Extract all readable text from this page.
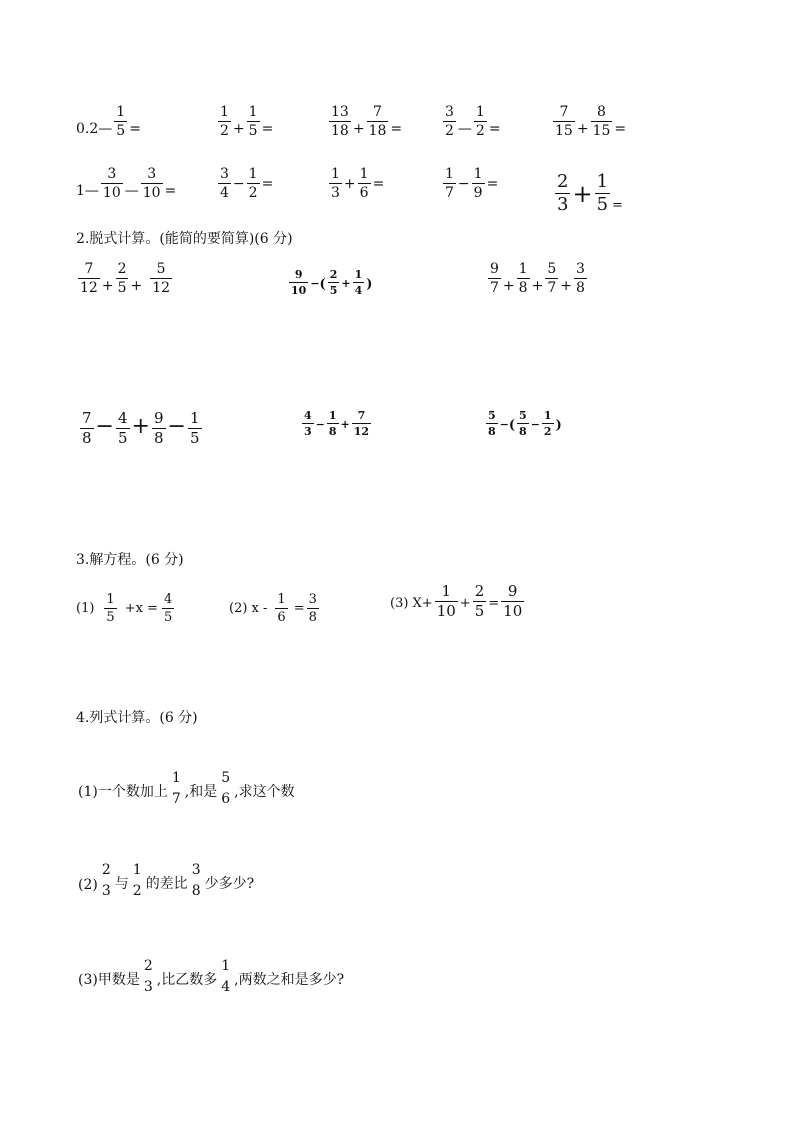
0.2— $\frac{1}{5}$ =	$\frac{1}{2} + \frac{1}{5}$ =	$\frac{13}{18} + \frac{7}{18}$ =	$\frac{3}{2}$ — $\frac{1}{2}$ =	$\frac{7}{15} + \frac{8}{15}$ =
1— $\frac{3}{10}$ — $\frac{3}{10}$ =	$\frac{3}{4} - \frac{1}{2}$ =	$\frac{1}{3} + \frac{1}{6}$ =	$\frac{1}{7} - \frac{1}{9}$ =	$\frac{2}{3} + \frac{1}{5}$ =
2.脱式计算。(能简的要简算)(6 分)
$\frac{7}{12} + \frac{2}{5} + \frac{5}{12}$	$\frac{9}{10}$ − ( $\frac{2}{5} + \frac{1}{4}$ )	$\frac{9}{7} + \frac{1}{8} + \frac{5}{7} + \frac{3}{8}$
$\frac{7}{8} - \frac{4}{5} + \frac{9}{8} - \frac{1}{5}$	$\frac{4}{3} - \frac{1}{8} + \frac{7}{12}$	$\frac{5}{8}$ − ( $\frac{5}{8} - \frac{1}{2}$ )
3.解方程。(6 分)
$(1) \frac{1}{5} +x = \frac{4}{5}$	(2) $x - \frac{1}{6} = \frac{3}{8}$	(3) $X+ \frac{1}{10} + \frac{2}{5} = \frac{9}{10}$
4.列式计算。(6 分)
(1)一个数加上
1
7 ,和是
5
6 ,求这个数
(2)
2
3 与
1
2 的差比
3
8 少多少?
(3)甲数是
2
3 ,比乙数多
1
4 ,两数之和是多少?
